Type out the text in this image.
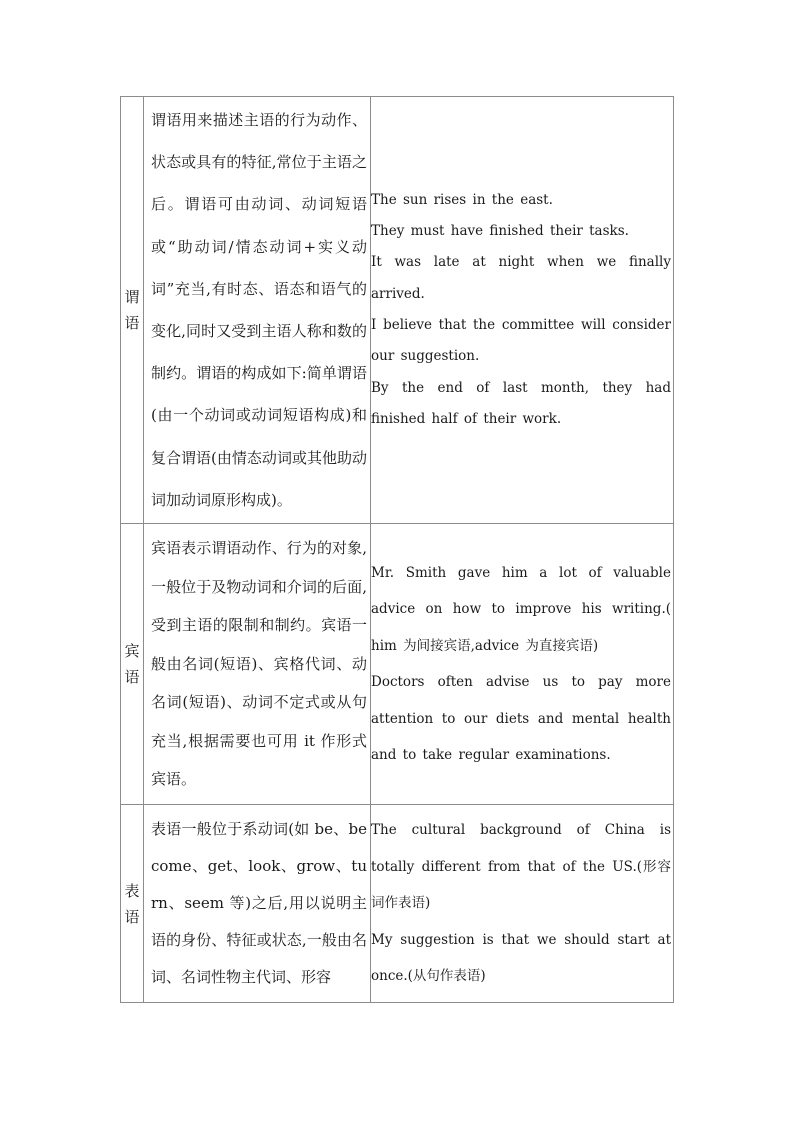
谓语	谓语用来描述主语的行为动作、状态或具有的特征,常位于主语之后。谓语可由动词、动词短语或“助动词/情态动词+实义动词”充当,有时态、语态和语气的变化,同时又受到主语人称和数的制约。谓语的构成如下:简单谓语(由一个动词或动词短语构成)和复合谓语(由情态动词或其他助动词加动词原形构成)。	The sun rises in the east.
They must have finished their tasks.
It was late at night when we finally arrived.
I believe that the committee will consider our suggestion.
By the end of last month, they had finished half of their work.

宾语	宾语表示谓语动作、行为的对象,一般位于及物动词和介词的后面,受到主语的限制和制约。宾语一般由名词(短语)、宾格代词、动名词(短语)、动词不定式或从句充当,根据需要也可用 it 作形式宾语。	Mr. Smith gave him a lot of valuable advice on how to improve his writing.( him 为间接宾语,advice 为直接宾语)
Doctors often advise us to pay more attention to our diets and mental health and to take regular examinations.

表语	表语一般位于系动词(如 be、become、get、look、grow、turn、seem 等)之后,用以说明主语的身份、特征或状态,一般由名词、名词性物主代词、形容	The cultural background of China is totally different from that of the US.(形容词作表语)
My suggestion is that we should start at once.(从句作表语)
